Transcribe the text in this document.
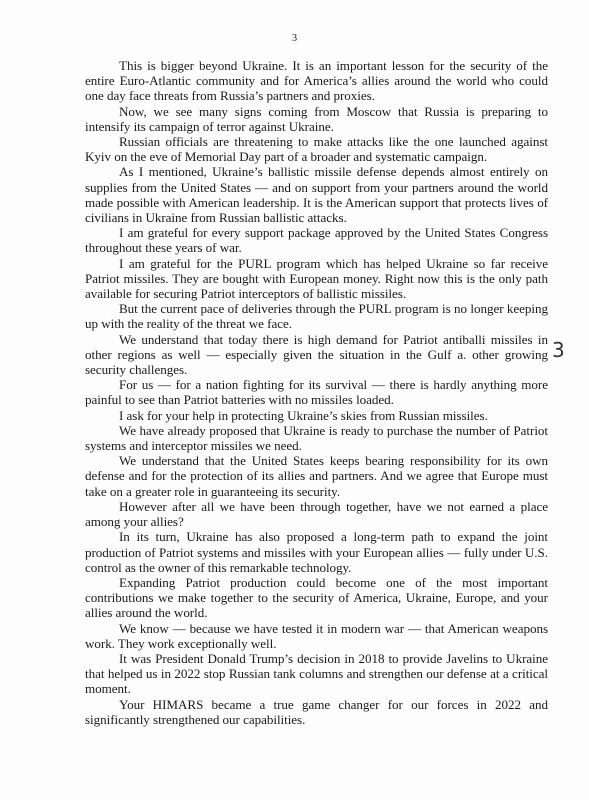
3

This is bigger beyond Ukraine. It is an important lesson for the security of the entire Euro-Atlantic community and for America’s allies around the world who could one day face threats from Russia’s partners and proxies.

Now, we see many signs coming from Moscow that Russia is preparing to intensify its campaign of terror against Ukraine.

Russian officials are threatening to make attacks like the one launched against Kyiv on the eve of Memorial Day part of a broader and systematic campaign.

As I mentioned, Ukraine’s ballistic missile defense depends almost entirely on supplies from the United States — and on support from your partners around the world made possible with American leadership. It is the American support that protects lives of civilians in Ukraine from Russian ballistic attacks.

I am grateful for every support package approved by the United States Congress throughout these years of war.

I am grateful for the PURL program which has helped Ukraine so far receive Patriot missiles. They are bought with European money. Right now this is the only path available for securing Patriot interceptors of ballistic missiles.

But the current pace of deliveries through the PURL program is no longer keeping up with the reality of the threat we face.

We understand that today there is high demand for Patriot antiballi missiles in other regions as well — especially given the situation in the Gulf a. other growing security challenges.

For us — for a nation fighting for its survival — there is hardly anything more painful to see than Patriot batteries with no missiles loaded.

I ask for your help in protecting Ukraine’s skies from Russian missiles.

We have already proposed that Ukraine is ready to purchase the number of Patriot systems and interceptor missiles we need.

We understand that the United States keeps bearing responsibility for its own defense and for the protection of its allies and partners. And we agree that Europe must take on a greater role in guaranteeing its security.

However after all we have been through together, have we not earned a place among your allies?

In its turn, Ukraine has also proposed a long-term path to expand the joint production of Patriot systems and missiles with your European allies — fully under U.S. control as the owner of this remarkable technology.

Expanding Patriot production could become one of the most important contributions we make together to the security of America, Ukraine, Europe, and your allies around the world.

We know — because we have tested it in modern war — that American weapons work. They work exceptionally well.

It was President Donald Trump’s decision in 2018 to provide Javelins to Ukraine that helped us in 2022 stop Russian tank columns and strengthen our defense at a critical moment.

Your HIMARS became a true game changer for our forces in 2022 and significantly strengthened our capabilities.

3
